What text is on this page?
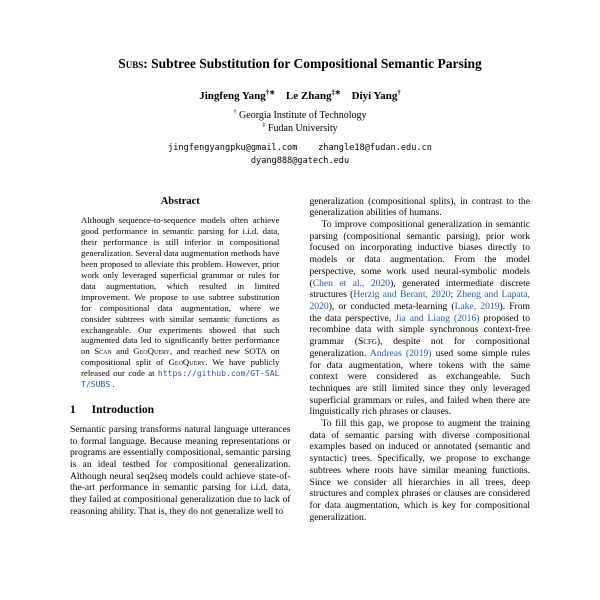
Subs: Subtree Substitution for Compositional Semantic Parsing
Jingfeng Yang†∗ Le Zhang‡∗ Diyi Yang†
† Georgia Institute of Technology
‡ Fudan University
jingfengyangpku@gmail.com    zhangle18@fudan.edu.cn
dyang888@gatech.edu
Abstract

Although sequence-to-sequence models often achieve good performance in semantic parsing for i.i.d. data, their performance is still inferior in compositional generalization. Several data augmentation methods have been proposed to alleviate this problem. However, prior work only leveraged superficial grammar or rules for data augmentation, which resulted in limited improvement. We propose to use subtree substitution for compositional data augmentation, where we consider subtrees with similar semantic functions as exchangeable. Our experiments showed that such augmented data led to significantly better performance on Scan and GeoQuery, and reached new SOTA on compositional split of GeoQuery. We have publicly released our code at https://github.com/GT-SALT/SUBS .

1 Introduction

Semantic parsing transforms natural language utterances to formal language. Because meaning representations or programs are essentially compositional, semantic parsing is an ideal testbed for compositional generalization. Although neural seq2seq models could achieve state-of-the-art performance in semantic parsing for i.i.d. data, they failed at compositional generalization due to lack of reasoning ability. That is, they do not generalize well to

generalization (compositional splits), in contrast to the generalization abilities of humans.

To improve compositional generalization in semantic parsing (compositional semantic parsing), prior work focused on incorporating inductive biases directly to models or data augmentation. From the model perspective, some work used neural-symbolic models (Chen et al., 2020), generated intermediate discrete structures (Herzig and Berant, 2020; Zheng and Lapata, 2020), or conducted meta-learning (Lake, 2019). From the data perspective, Jia and Liang (2016) proposed to recombine data with simple synchronous context-free grammar (Scfg), despite not for compositional generalization. Andreas (2019) used some simple rules for data augmentation, where tokens with the same context were considered as exchangeable. Such techniques are still limited since they only leveraged superficial grammars or rules, and failed when there are linguistically rich phrases or clauses.

To fill this gap, we propose to augment the training data of semantic parsing with diverse compositional examples based on induced or annotated (semantic and syntactic) trees. Specifically, we propose to exchange subtrees where roots have similar meaning functions. Since we consider all hierarchies in all trees, deep structures and complex phrases or clauses are considered for data augmentation, which is key for compositional generalization.
